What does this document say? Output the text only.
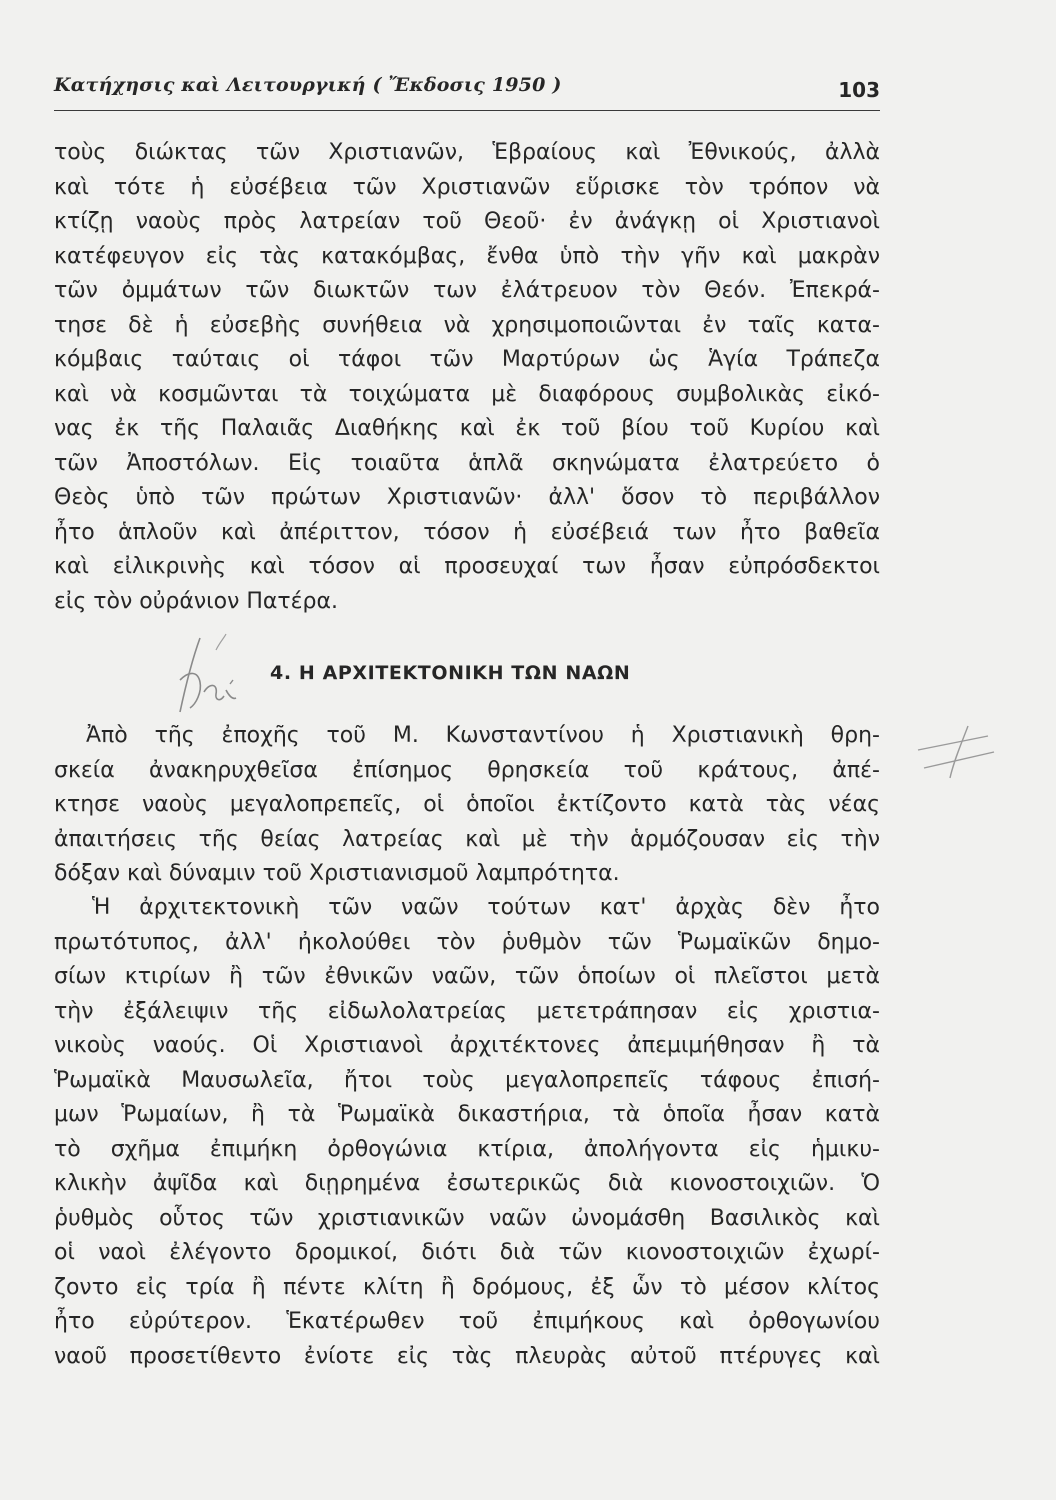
Κατήχησις καὶ Λειτουργική ( Ἔκδοσις 1950 )	103
τοὺς διώκτας τῶν Χριστιανῶν, Ἑβραίους καὶ Ἐθνικούς, ἀλλὰ
καὶ τότε ἡ εὐσέβεια τῶν Χριστιανῶν εὕρισκε τὸν τρόπον νὰ
κτίζῃ ναοὺς πρὸς λατρείαν τοῦ Θεοῦ· ἐν ἀνάγκῃ οἱ Χριστιανοὶ
κατέφευγον εἰς τὰς κατακόμβας, ἔνθα ὑπὸ τὴν γῆν καὶ μακρὰν
τῶν ὀμμάτων τῶν διωκτῶν των ἐλάτρευον τὸν Θεόν. Ἐπεκρά-
τησε δὲ ἡ εὐσεβὴς συνήθεια νὰ χρησιμοποιῶνται ἐν ταῖς κατα-
κόμβαις ταύταις οἱ τάφοι τῶν Μαρτύρων ὡς Ἁγία Τράπεζα
καὶ νὰ κοσμῶνται τὰ τοιχώματα μὲ διαφόρους συμβολικὰς εἰκό-
νας ἐκ τῆς Παλαιᾶς Διαθήκης καὶ ἐκ τοῦ βίου τοῦ Κυρίου καὶ
τῶν Ἀποστόλων. Εἰς τοιαῦτα ἁπλᾶ σκηνώματα ἐλατρεύετο ὁ
Θεὸς ὑπὸ τῶν πρώτων Χριστιανῶν· ἀλλ' ὅσον τὸ περιβάλλον
ἦτο ἁπλοῦν καὶ ἀπέριττον, τόσον ἡ εὐσέβειά των ἦτο βαθεῖα
καὶ εἰλικρινὴς καὶ τόσον αἱ προσευχαί των ἦσαν εὐπρόσδεκτοι
εἰς τὸν οὐράνιον Πατέρα.
4. Η ΑΡΧΙΤΕΚΤΟΝΙΚΗ ΤΩΝ ΝΑΩΝ
Ἀπὸ τῆς ἐποχῆς τοῦ Μ. Κωνσταντίνου ἡ Χριστιανικὴ θρη-
σκεία ἀνακηρυχθεῖσα ἐπίσημος θρησκεία τοῦ κράτους, ἀπέ-
κτησε ναοὺς μεγαλοπρεπεῖς, οἱ ὁποῖοι ἐκτίζοντο κατὰ τὰς νέας
ἀπαιτήσεις τῆς θείας λατρείας καὶ μὲ τὴν ἁρμόζουσαν εἰς τὴν
δόξαν καὶ δύναμιν τοῦ Χριστιανισμοῦ λαμπρότητα.
Ἡ ἀρχιτεκτονικὴ τῶν ναῶν τούτων κατ' ἀρχὰς δὲν ἦτο
πρωτότυπος, ἀλλ' ἠκολούθει τὸν ῥυθμὸν τῶν Ῥωμαϊκῶν δημο-
σίων κτιρίων ἢ τῶν ἐθνικῶν ναῶν, τῶν ὁποίων οἱ πλεῖστοι μετὰ
τὴν ἐξάλειψιν τῆς εἰδωλολατρείας μετετράπησαν εἰς χριστια-
νικοὺς ναούς. Οἱ Χριστιανοὶ ἀρχιτέκτονες ἀπεμιμήθησαν ἢ τὰ
Ῥωμαϊκὰ Μαυσωλεῖα, ἤτοι τοὺς μεγαλοπρεπεῖς τάφους ἐπισή-
μων Ῥωμαίων, ἢ τὰ Ῥωμαϊκὰ δικαστήρια, τὰ ὁποῖα ἦσαν κατὰ
τὸ σχῆμα ἐπιμήκη ὀρθογώνια κτίρια, ἀπολήγοντα εἰς ἡμικυ-
κλικὴν ἀψῖδα καὶ διῃρημένα ἐσωτερικῶς διὰ κιονοστοιχιῶν. Ὁ
ῥυθμὸς οὗτος τῶν χριστιανικῶν ναῶν ὠνομάσθη Βασιλικὸς καὶ
οἱ ναοὶ ἐλέγοντο δρομικοί, διότι διὰ τῶν κιονοστοιχιῶν ἐχωρί-
ζοντο εἰς τρία ἢ πέντε κλίτη ἢ δρόμους, ἐξ ὧν τὸ μέσον κλίτος
ἦτο εὐρύτερον. Ἑκατέρωθεν τοῦ ἐπιμήκους καὶ ὀρθογωνίου
ναοῦ προσετίθεντο ἐνίοτε εἰς τὰς πλευρὰς αὐτοῦ πτέρυγες καὶ
